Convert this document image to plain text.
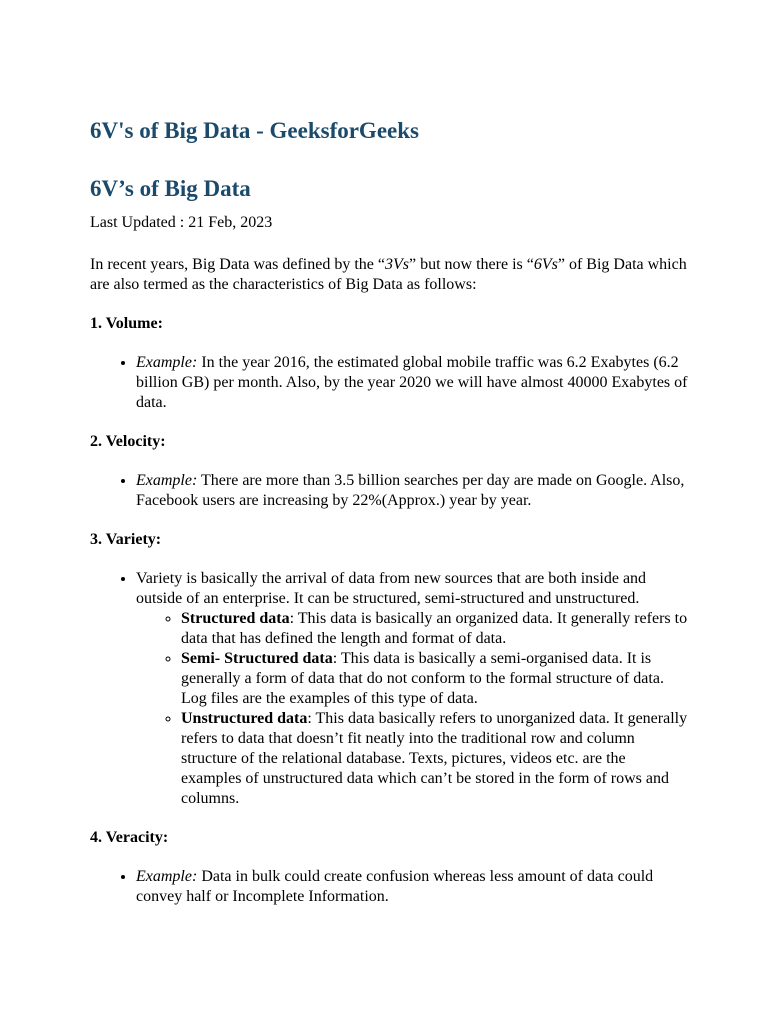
6V's of Big Data - GeeksforGeeks
6V’s of Big Data
Last Updated : 21 Feb, 2023

In recent years, Big Data was defined by the “3Vs” but now there is “6Vs” of Big Data which are also termed as the characteristics of Big Data as follows:

1. Volume:

• Example: In the year 2016, the estimated global mobile traffic was 6.2 Exabytes (6.2 billion GB) per month. Also, by the year 2020 we will have almost 40000 Exabytes of data.

2. Velocity:

• Example: There are more than 3.5 billion searches per day are made on Google. Also, Facebook users are increasing by 22%(Approx.) year by year.

3. Variety:

• Variety is basically the arrival of data from new sources that are both inside and outside of an enterprise. It can be structured, semi-structured and unstructured.
◦ Structured data: This data is basically an organized data. It generally refers to data that has defined the length and format of data.
◦ Semi- Structured data: This data is basically a semi-organised data. It is generally a form of data that do not conform to the formal structure of data. Log files are the examples of this type of data.
◦ Unstructured data: This data basically refers to unorganized data. It generally refers to data that doesn’t fit neatly into the traditional row and column structure of the relational database. Texts, pictures, videos etc. are the examples of unstructured data which can’t be stored in the form of rows and columns.

4. Veracity:

• Example: Data in bulk could create confusion whereas less amount of data could convey half or Incomplete Information.
